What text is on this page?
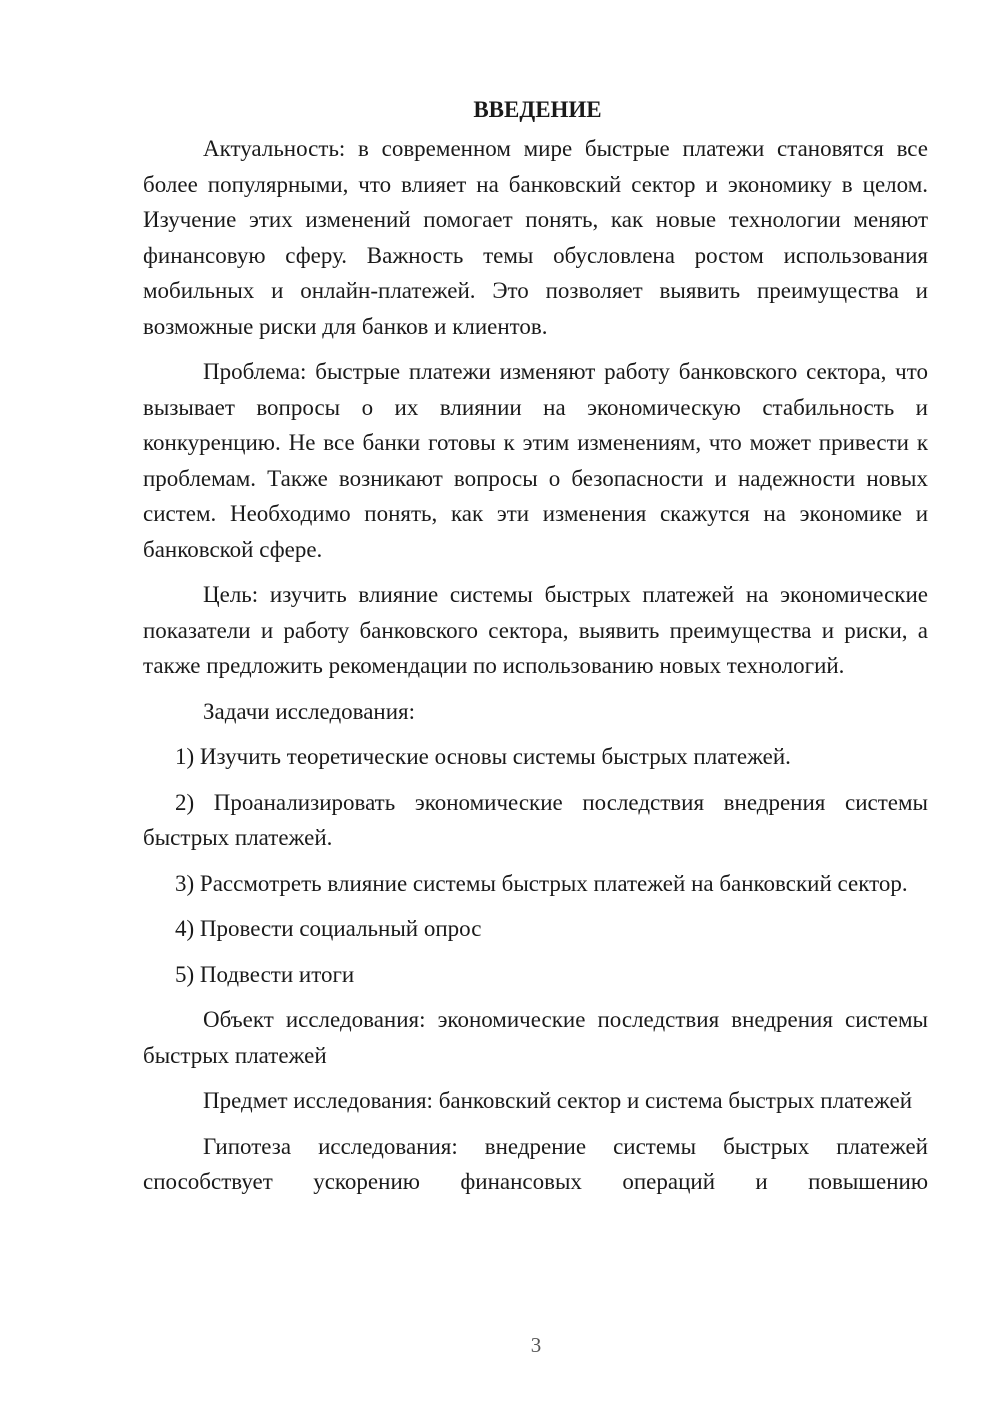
ВВЕДЕНИЕ

Актуальность: в современном мире быстрые платежи становятся все более популярными, что влияет на банковский сектор и экономику в целом. Изучение этих изменений помогает понять, как новые технологии меняют финансовую сферу. Важность темы обусловлена ростом использования мобильных и онлайн-платежей. Это позволяет выявить преимущества и возможные риски для банков и клиентов.

Проблема: быстрые платежи изменяют работу банковского сектора, что вызывает вопросы о их влиянии на экономическую стабильность и конкуренцию. Не все банки готовы к этим изменениям, что может привести к проблемам. Также возникают вопросы о безопасности и надежности новых систем. Необходимо понять, как эти изменения скажутся на экономике и банковской сфере.

Цель: изучить влияние системы быстрых платежей на экономические показатели и работу банковского сектора, выявить преимущества и риски, а также предложить рекомендации по использованию новых технологий.

Задачи исследования:

1) Изучить теоретические основы системы быстрых платежей.

2) Проанализировать экономические последствия внедрения системы быстрых платежей.

3) Рассмотреть влияние системы быстрых платежей на банковский сектор.

4) Провести социальный опрос

5) Подвести итоги

Объект исследования: экономические последствия внедрения системы быстрых платежей

Предмет исследования: банковский сектор и система быстрых платежей

Гипотеза исследования: внедрение системы быстрых платежей способствует ускорению финансовых операций и повышению

3
